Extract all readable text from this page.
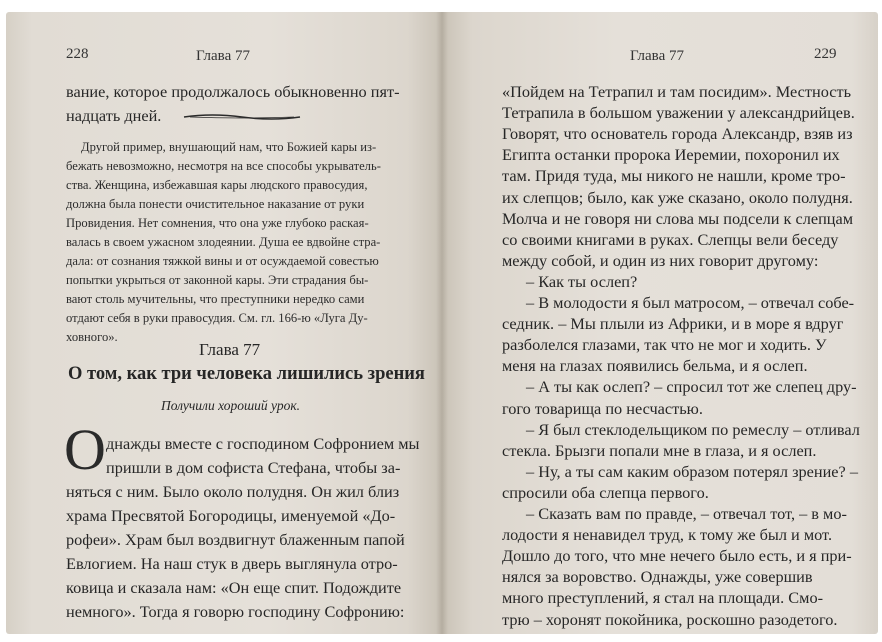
228	Глава 77
вание, которое продолжалось обыкновенно пят-
надцать дней.
Другой пример, внушающий нам, что Божией кары из-
бежать невозможно, несмотря на все способы укрыватель-
ства. Женщина, избежавшая кары людского правосудия,
должна была понести очистительное наказание от руки
Провидения. Нет сомнения, что она уже глубоко раская-
валась в своем ужасном злодеянии. Душа ее вдвойне стра-
дала: от сознания тяжкой вины и от осуждаемой совестью
попытки укрыться от законной кары. Эти страдания бы-
вают столь мучительны, что преступники нередко сами
отдают себя в руки правосудия. См. гл. 166-ю «Луга Ду-
ховного».
Глава 77
О том, как три человека лишились зрения
Получили хороший урок.
О днажды вместе с господином Софронием мы
пришли в дом софиста Стефана, чтобы за-
няться с ним. Было около полудня. Он жил близ
храма Пресвятой Богородицы, именуемой «До-
рофеи». Храм был воздвигнут блаженным папой
Евлогием. На наш стук в дверь выглянула отро-
ковица и сказала нам: «Он еще спит. Подождите
немного». Тогда я говорю господину Софронию:
Глава 77	229
«Пойдем на Тетрапил и там посидим». Местность
Тетрапила в большом уважении у александрийцев.
Говорят, что основатель города Александр, взяв из
Египта останки пророка Иеремии, похоронил их
там. Придя туда, мы никого не нашли, кроме тро-
их слепцов; было, как уже сказано, около полудня.
Молча и не говоря ни слова мы подсели к слепцам
со своими книгами в руках. Слепцы вели беседу
между собой, и один из них говорит другому:
– Как ты ослеп?
– В молодости я был матросом, – отвечал собе-
седник. – Мы плыли из Африки, и в море я вдруг
разболелся глазами, так что не мог и ходить. У
меня на глазах появились бельма, и я ослеп.
– А ты как ослеп? – спросил тот же слепец дру-
гого товарища по несчастью.
– Я был стеклодельщиком по ремеслу – отливал
стекла. Брызги попали мне в глаза, и я ослеп.
– Ну, а ты сам каким образом потерял зрение? –
спросили оба слепца первого.
– Сказать вам по правде, – отвечал тот, – в мо-
лодости я ненавидел труд, к тому же был и мот.
Дошло до того, что мне нечего было есть, и я при-
нялся за воровство. Однажды, уже совершив
много преступлений, я стал на площади. Смо-
трю – хоронят покойника, роскошно разодетого.
